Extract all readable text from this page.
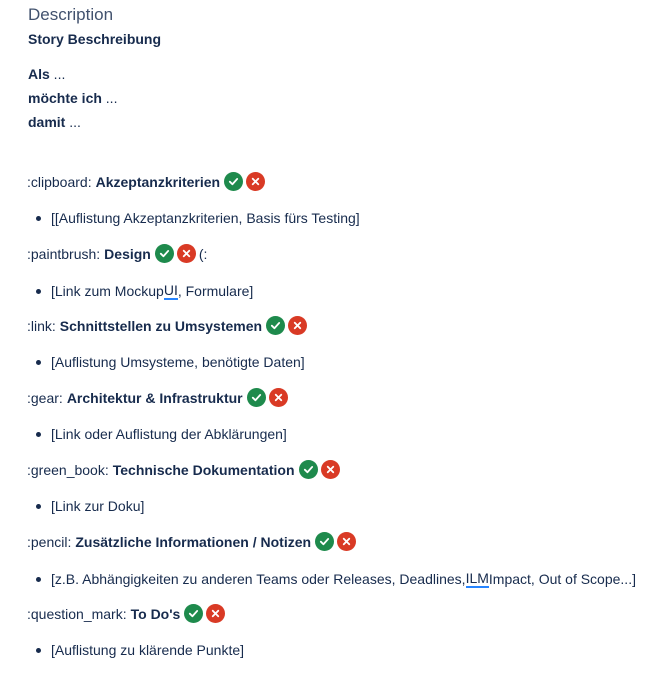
Description
Story Beschreibung
Als ...
möchte ich ...
damit ...
:clipboard: Akzeptanzkriterien
[[Auflistung Akzeptanzkriterien, Basis fürs Testing]
:paintbrush: Design	(:
[Link zum Mockup UI , Formulare]
:link: Schnittstellen zu Umsystemen
[Auflistung Umsysteme, benötigte Daten]
:gear: Architektur & Infrastruktur
[Link oder Auflistung der Abklärungen]
:green_book: Technische Dokumentation
[Link zur Doku]
:pencil: Zusätzliche Informationen / Notizen
[z.B. Abhängigkeiten zu anderen Teams oder Releases, Deadlines, ILM Impact, Out of Scope...]
:question_mark: To Do's
[Auflistung zu klärende Punkte]
